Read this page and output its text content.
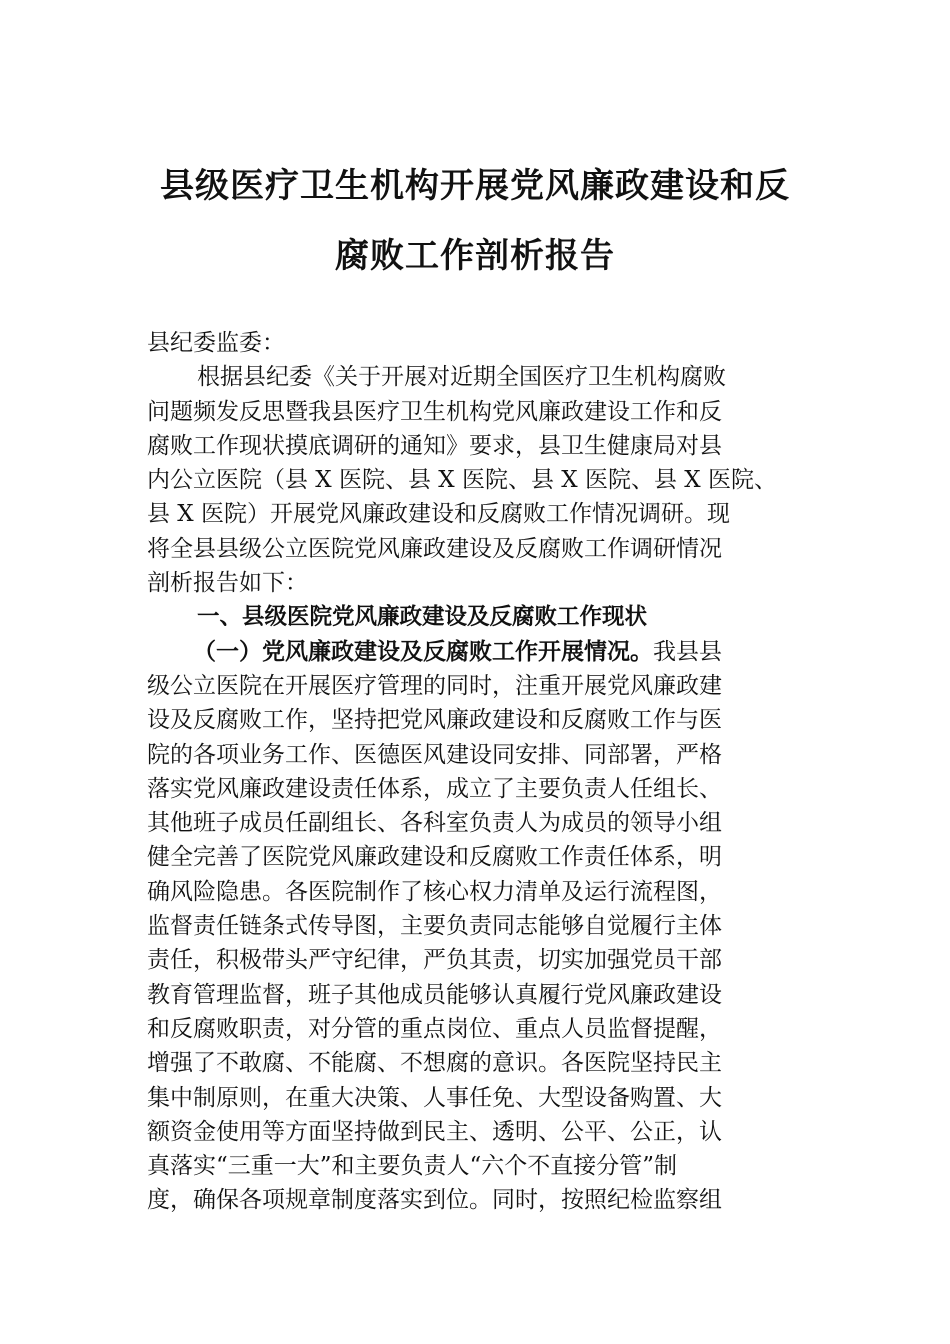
县级医疗卫生机构开展党风廉政建设和反
腐败工作剖析报告
县纪委监委：
根据县纪委《关于开展对近期全国医疗卫生机构腐败
问题频发反思暨我县医疗卫生机构党风廉政建设工作和反
腐败工作现状摸底调研的通知》要求，县卫生健康局对县
内公立医院（县 X 医院、县 X 医院、县 X 医院、县 X 医院、
县 X 医院）开展党风廉政建设和反腐败工作情况调研。现
将全县县级公立医院党风廉政建设及反腐败工作调研情况
剖析报告如下：
一、县级医院党风廉政建设及反腐败工作现状
（一）党风廉政建设及反腐败工作开展情况。我县县
级公立医院在开展医疗管理的同时，注重开展党风廉政建
设及反腐败工作，坚持把党风廉政建设和反腐败工作与医
院的各项业务工作、医德医风建设同安排、同部署，严格
落实党风廉政建设责任体系，成立了主要负责人任组长、
其他班子成员任副组长、各科室负责人为成员的领导小组
健全完善了医院党风廉政建设和反腐败工作责任体系，明
确风险隐患。各医院制作了核心权力清单及运行流程图，
监督责任链条式传导图，主要负责同志能够自觉履行主体
责任，积极带头严守纪律，严负其责，切实加强党员干部
教育管理监督，班子其他成员能够认真履行党风廉政建设
和反腐败职责，对分管的重点岗位、重点人员监督提醒，
增强了不敢腐、不能腐、不想腐的意识。各医院坚持民主
集中制原则，在重大决策、人事任免、大型设备购置、大
额资金使用等方面坚持做到民主、透明、公平、公正，认
真落实“三重一大”和主要负责人“六个不直接分管”制
度，确保各项规章制度落实到位。同时，按照纪检监察组
